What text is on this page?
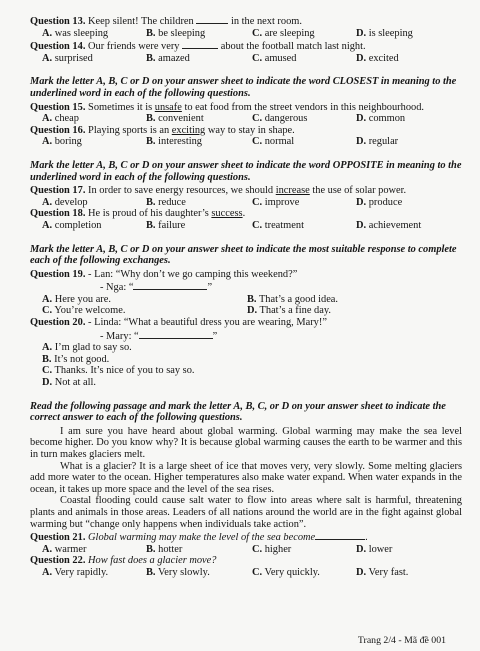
Question 13. Keep silent! The children	in the next room.
A. was sleeping	B. be sleeping	C. are sleeping	D. is sleeping
Question 14. Our friends were very	about the football match last night.
A. surprised	B. amazed	C. amused	D. excited
Mark the letter A, B, C or D on your answer sheet to indicate the word CLOSEST in meaning to the underlined word in each of the following questions.
Question 15. Sometimes it is unsafe to eat food from the street vendors in this neighbourhood.
A. cheap	B. convenient	C. dangerous	D. common
Question 16. Playing sports is an exciting way to stay in shape.
A. boring	B. interesting	C. normal	D. regular
Mark the letter A, B, C or D on your answer sheet to indicate the word OPPOSITE in meaning to the underlined word in each of the following questions.
Question 17. In order to save energy resources, we should increase the use of solar power.
A. develop	B. reduce	C. improve	D. produce
Question 18. He is proud of his daughter’s success.
A. completion	B. failure	C. treatment	D. achievement
Mark the letter A, B, C or D on your answer sheet to indicate the most suitable response to complete each of the following exchanges.
Question 19. - Lan: “Why don’t we go camping this weekend?”
- Nga: “	”
A. Here you are.	B. That’s a good idea.
C. You’re welcome.	D. That’s a fine day.
Question 20. - Linda: “What a beautiful dress you are wearing, Mary!”
- Mary: “	”
A. I’m glad to say so.
B. It’s not good.
C. Thanks. It’s nice of you to say so.
D. Not at all.
Read the following passage and mark the letter A, B, C, or D on your answer sheet to indicate the correct answer to each of the following questions.

I am sure you have heard about global warming. Global warming may make the sea level become higher. Do you know why? It is because global warming causes the earth to be warmer and this in turn makes glaciers melt.

What is a glacier? It is a large sheet of ice that moves very, very slowly. Some melting glaciers add more water to the ocean. Higher temperatures also make water expand. When water expands in the ocean, it takes up more space and the level of the sea rises.

Coastal flooding could cause salt water to flow into areas where salt is harmful, threatening plants and animals in those areas. Leaders of all nations around the world are in the fight against global warming but “change only happens when individuals take action”.

Question 21. Global warming may make the level of the sea become	.
A. warmer	B. hotter	C. higher	D. lower
Question 22. How fast does a glacier move?
A. Very rapidly.	B. Very slowly.	C. Very quickly.	D. Very fast.
Trang 2/4 - Mã đề 001
